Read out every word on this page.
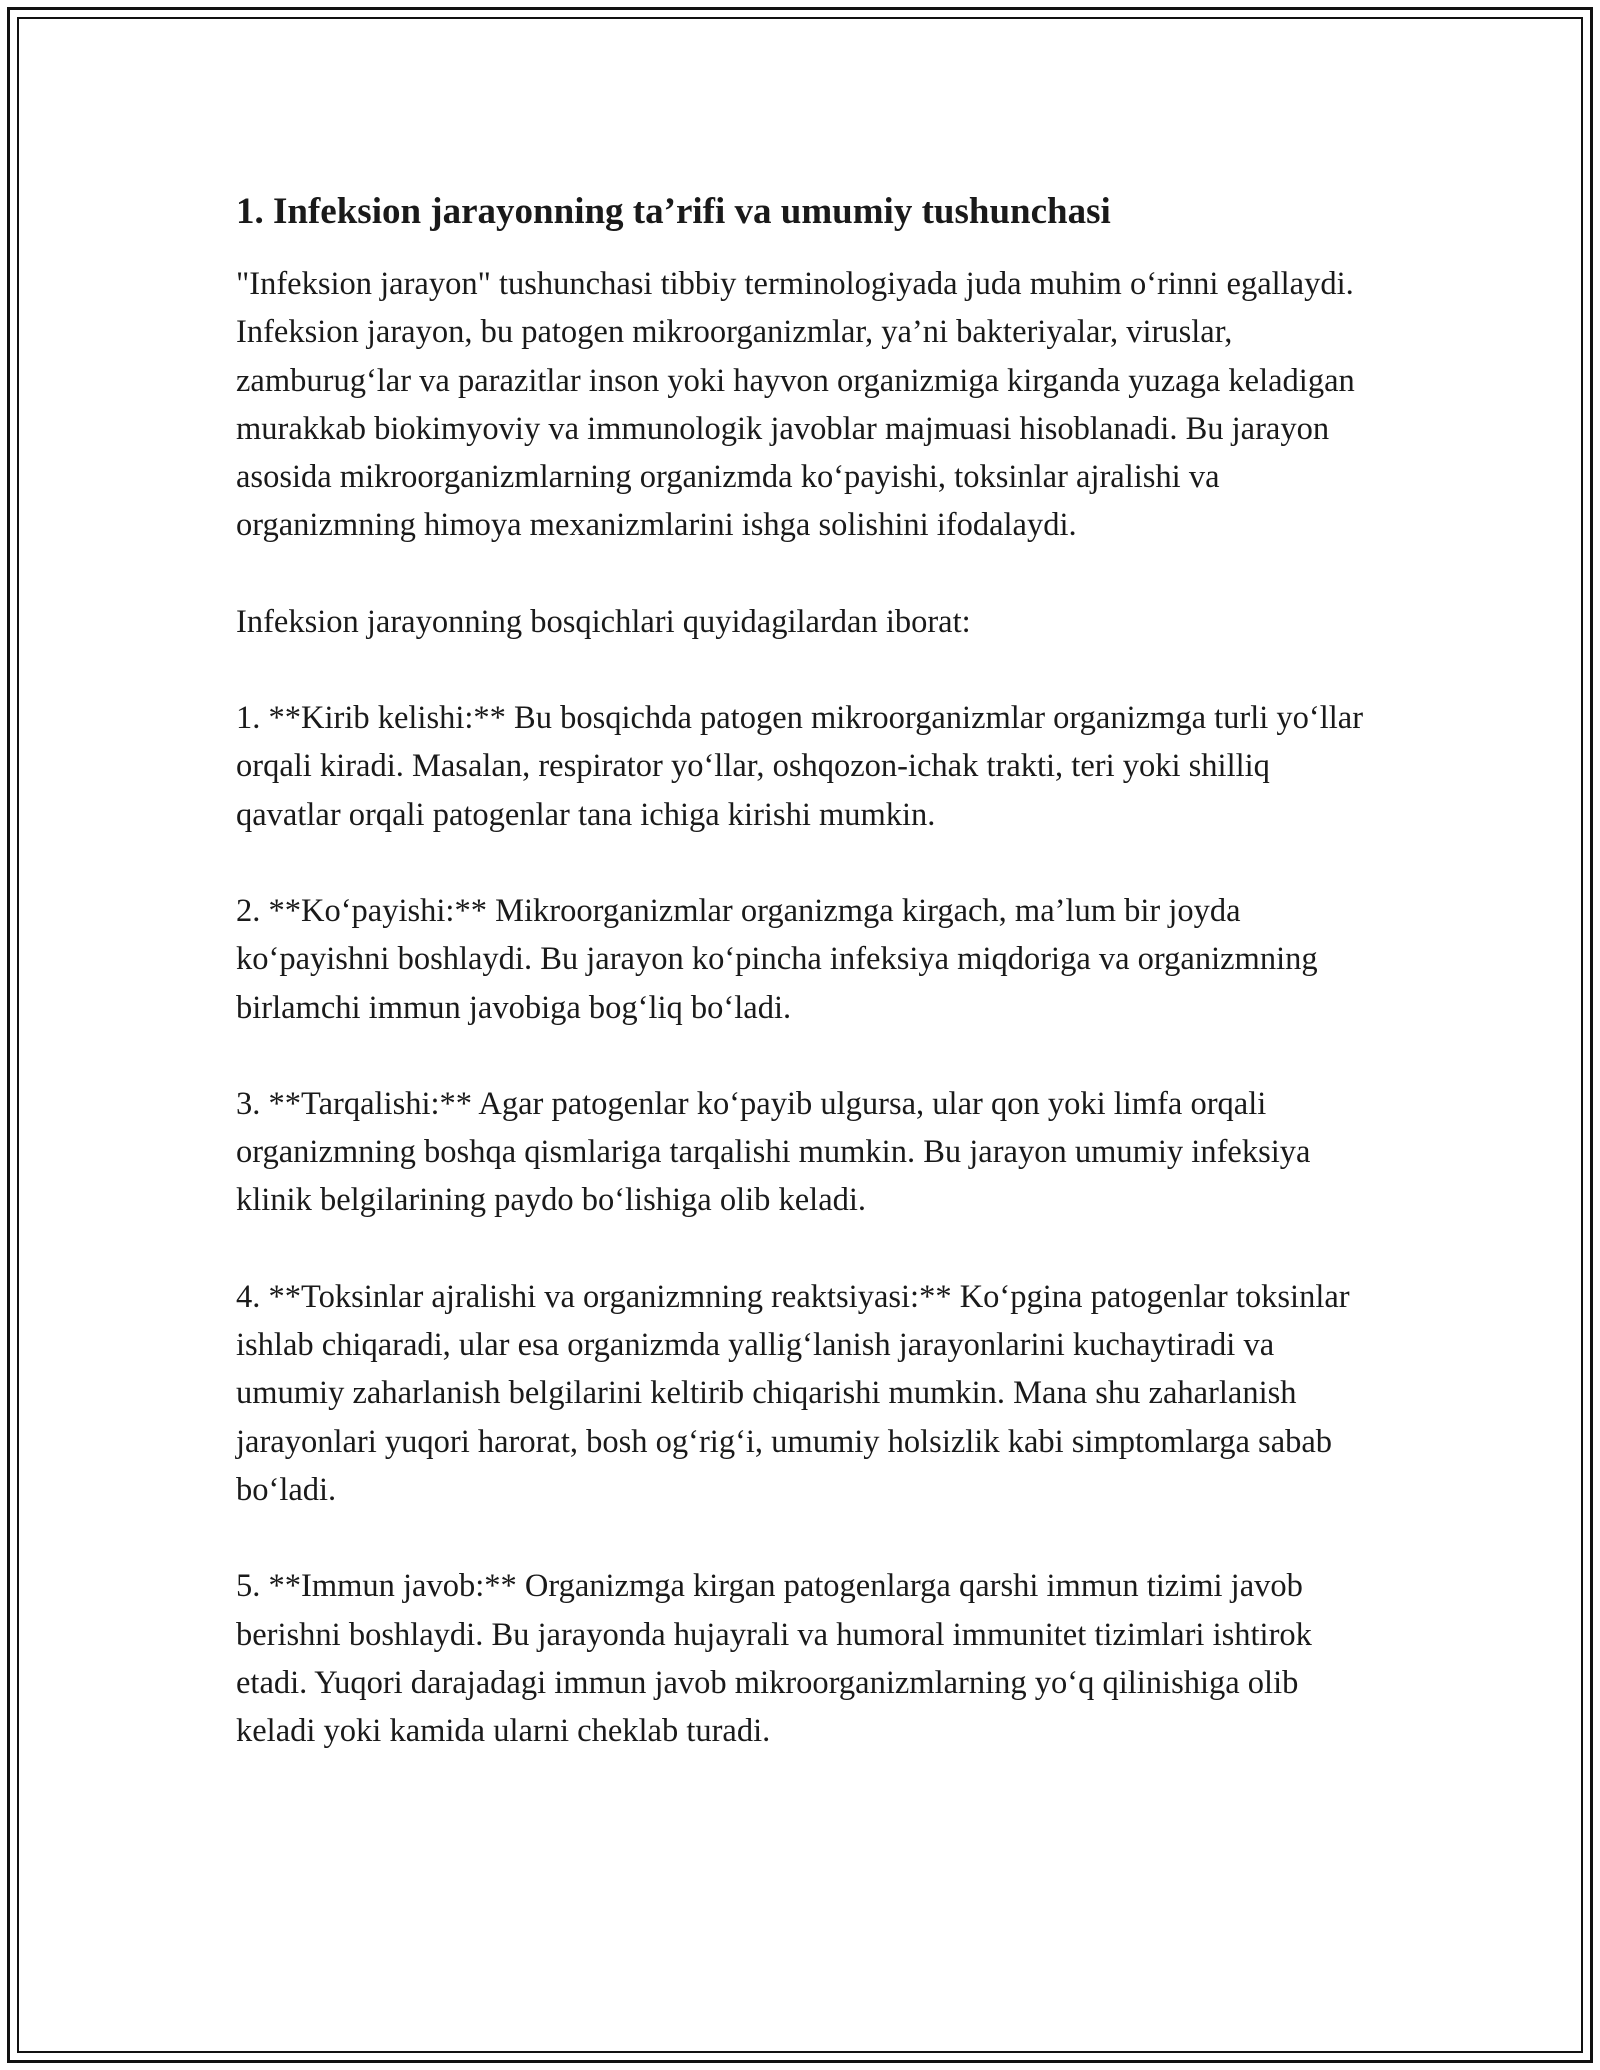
1. Infeksion jarayonning ta’rifi va umumiy tushunchasi

"Infeksion jarayon" tushunchasi tibbiy terminologiyada juda muhim o‘rinni egallaydi. Infeksion jarayon, bu patogen mikroorganizmlar, ya’ni bakteriyalar, viruslar, zamburug‘lar va parazitlar inson yoki hayvon organizmiga kirganda yuzaga keladigan murakkab biokimyoviy va immunologik javoblar majmuasi hisoblanadi. Bu jarayon asosida mikroorganizmlarning organizmda ko‘payishi, toksinlar ajralishi va organizmning himoya mexanizmlarini ishga solishini ifodalaydi.

Infeksion jarayonning bosqichlari quyidagilardan iborat:

1. **Kirib kelishi:** Bu bosqichda patogen mikroorganizmlar organizmga turli yo‘llar orqali kiradi. Masalan, respirator yo‘llar, oshqozon-ichak trakti, teri yoki shilliq qavatlar orqali patogenlar tana ichiga kirishi mumkin.

2. **Ko‘payishi:** Mikroorganizmlar organizmga kirgach, ma’lum bir joyda ko‘payishni boshlaydi. Bu jarayon ko‘pincha infeksiya miqdoriga va organizmning birlamchi immun javobiga bog‘liq bo‘ladi.

3. **Tarqalishi:** Agar patogenlar ko‘payib ulgursa, ular qon yoki limfa orqali organizmning boshqa qismlariga tarqalishi mumkin. Bu jarayon umumiy infeksiya klinik belgilarining paydo bo‘lishiga olib keladi.

4. **Toksinlar ajralishi va organizmning reaktsiyasi:** Ko‘pgina patogenlar toksinlar ishlab chiqaradi, ular esa organizmda yallig‘lanish jarayonlarini kuchaytiradi va umumiy zaharlanish belgilarini keltirib chiqarishi mumkin. Mana shu zaharlanish jarayonlari yuqori harorat, bosh og‘rig‘i, umumiy holsizlik kabi simptomlarga sabab bo‘ladi.

5. **Immun javob:** Organizmga kirgan patogenlarga qarshi immun tizimi javob berishni boshlaydi. Bu jarayonda hujayrali va humoral immunitet tizimlari ishtirok etadi. Yuqori darajadagi immun javob mikroorganizmlarning yo‘q qilinishiga olib keladi yoki kamida ularni cheklab turadi.
